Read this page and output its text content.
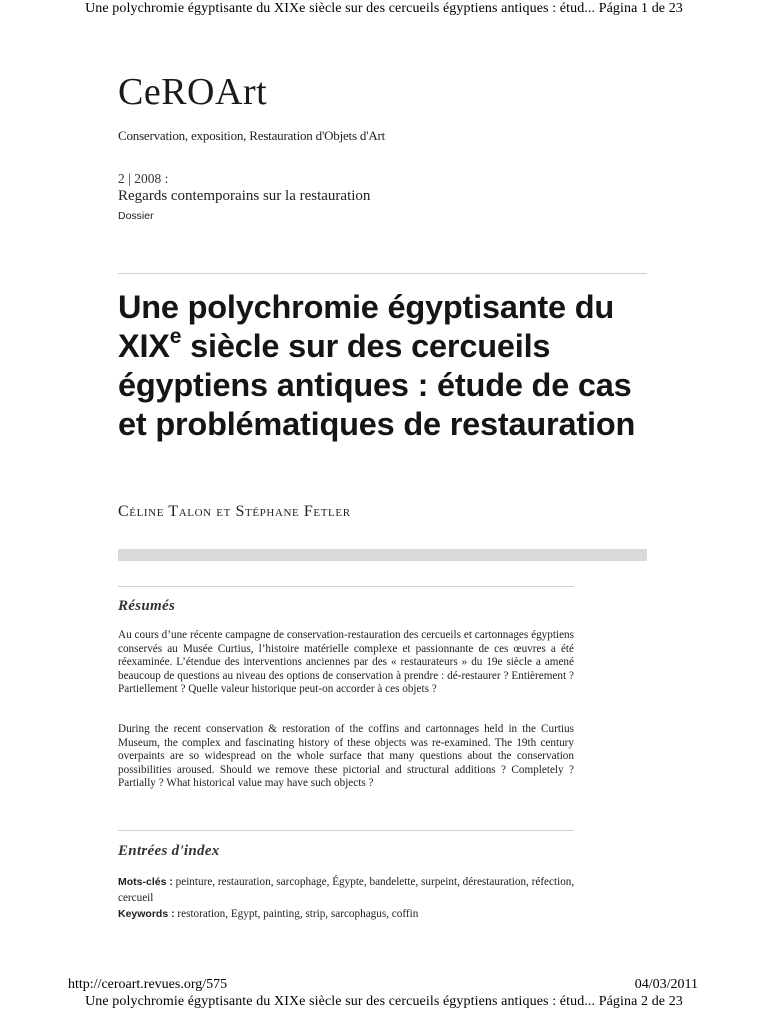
Une polychromie égyptisante du XIXe siècle sur des cercueils égyptiens antiques : étud... Página 1 de 23
CeROArt
Conservation, exposition, Restauration d'Objets d'Art
2 | 2008 :
Regards contemporains sur la restauration
Dossier
Une polychromie égyptisante du XIXe siècle sur des cercueils égyptiens antiques : étude de cas et problématiques de restauration
Céline Talon et Stéphane Fetler
Résumés

Au cours d’une récente campagne de conservation-restauration des cercueils et cartonnages égyptiens conservés au Musée Curtius, l’histoire matérielle complexe et passionnante de ces œuvres a été réexaminée. L’étendue des interventions anciennes par des « restaurateurs » du 19e siècle a amené beaucoup de questions au niveau des options de conservation à prendre : dé-restaurer ? Entièrement ? Partiellement ? Quelle valeur historique peut-on accorder à ces objets ?

During the recent conservation & restoration of the coffins and cartonnages held in the Curtius Museum, the complex and fascinating history of these objects was re-examined. The 19th century overpaints are so widespread on the whole surface that many questions about the conservation possibilities aroused. Should we remove these pictorial and structural additions ? Completely ? Partially ? What historical value may have such objects ?

Entrées d'index
Mots-clés : peinture, restauration, sarcophage, Égypte, bandelette, surpeint, dérestauration, réfection, cercueil
Keywords : restoration, Egypt, painting, strip, sarcophagus, coffin
http://ceroart.revues.org/575	04/03/2011
Une polychromie égyptisante du XIXe siècle sur des cercueils égyptiens antiques : étud... Página 2 de 23
